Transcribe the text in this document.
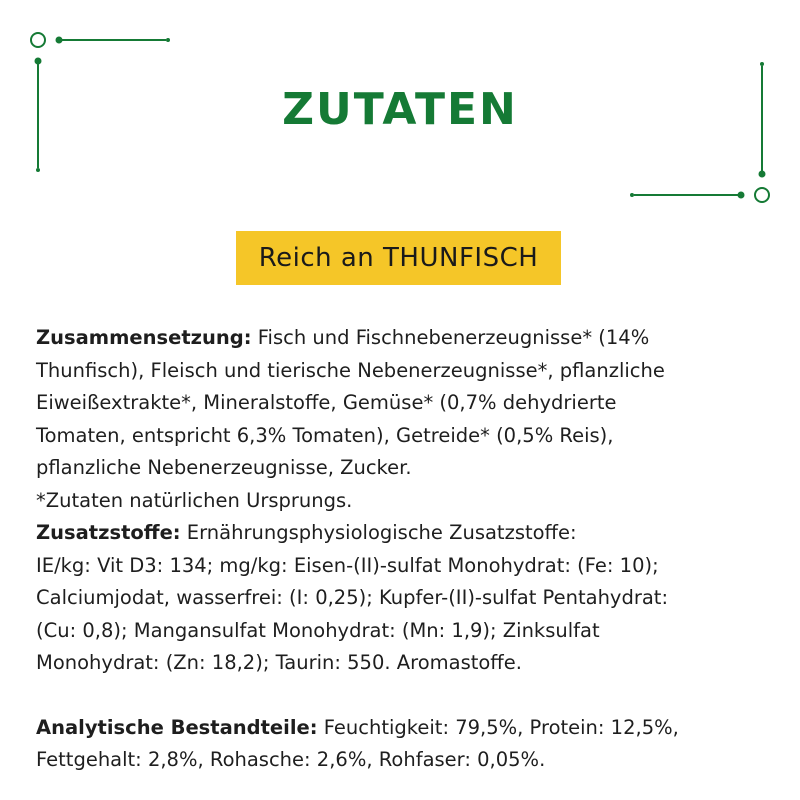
ZUTATEN
Reich an THUNFISCH

Zusammensetzung: Fisch und Fischnebenerzeugnisse* (14%

Thunfisch), Fleisch und tierische Nebenerzeugnisse*, pflanzliche

Eiweißextrakte*, Mineralstoffe, Gemüse* (0,7% dehydrierte

Tomaten, entspricht 6,3% Tomaten), Getreide* (0,5% Reis),

pflanzliche Nebenerzeugnisse, Zucker.

*Zutaten natürlichen Ursprungs.

Zusatzstoffe: Ernährungsphysiologische Zusatzstoffe:

IE/kg: Vit D3: 134; mg/kg: Eisen-(II)-sulfat Monohydrat: (Fe: 10);

Calciumjodat, wasserfrei: (I: 0,25); Kupfer-(II)-sulfat Pentahydrat:

(Cu: 0,8); Mangansulfat Monohydrat: (Mn: 1,9); Zinksulfat

Monohydrat: (Zn: 18,2); Taurin: 550. Aromastoffe.

Analytische Bestandteile: Feuchtigkeit: 79,5%, Protein: 12,5%,

Fettgehalt: 2,8%, Rohasche: 2,6%, Rohfaser: 0,05%.
